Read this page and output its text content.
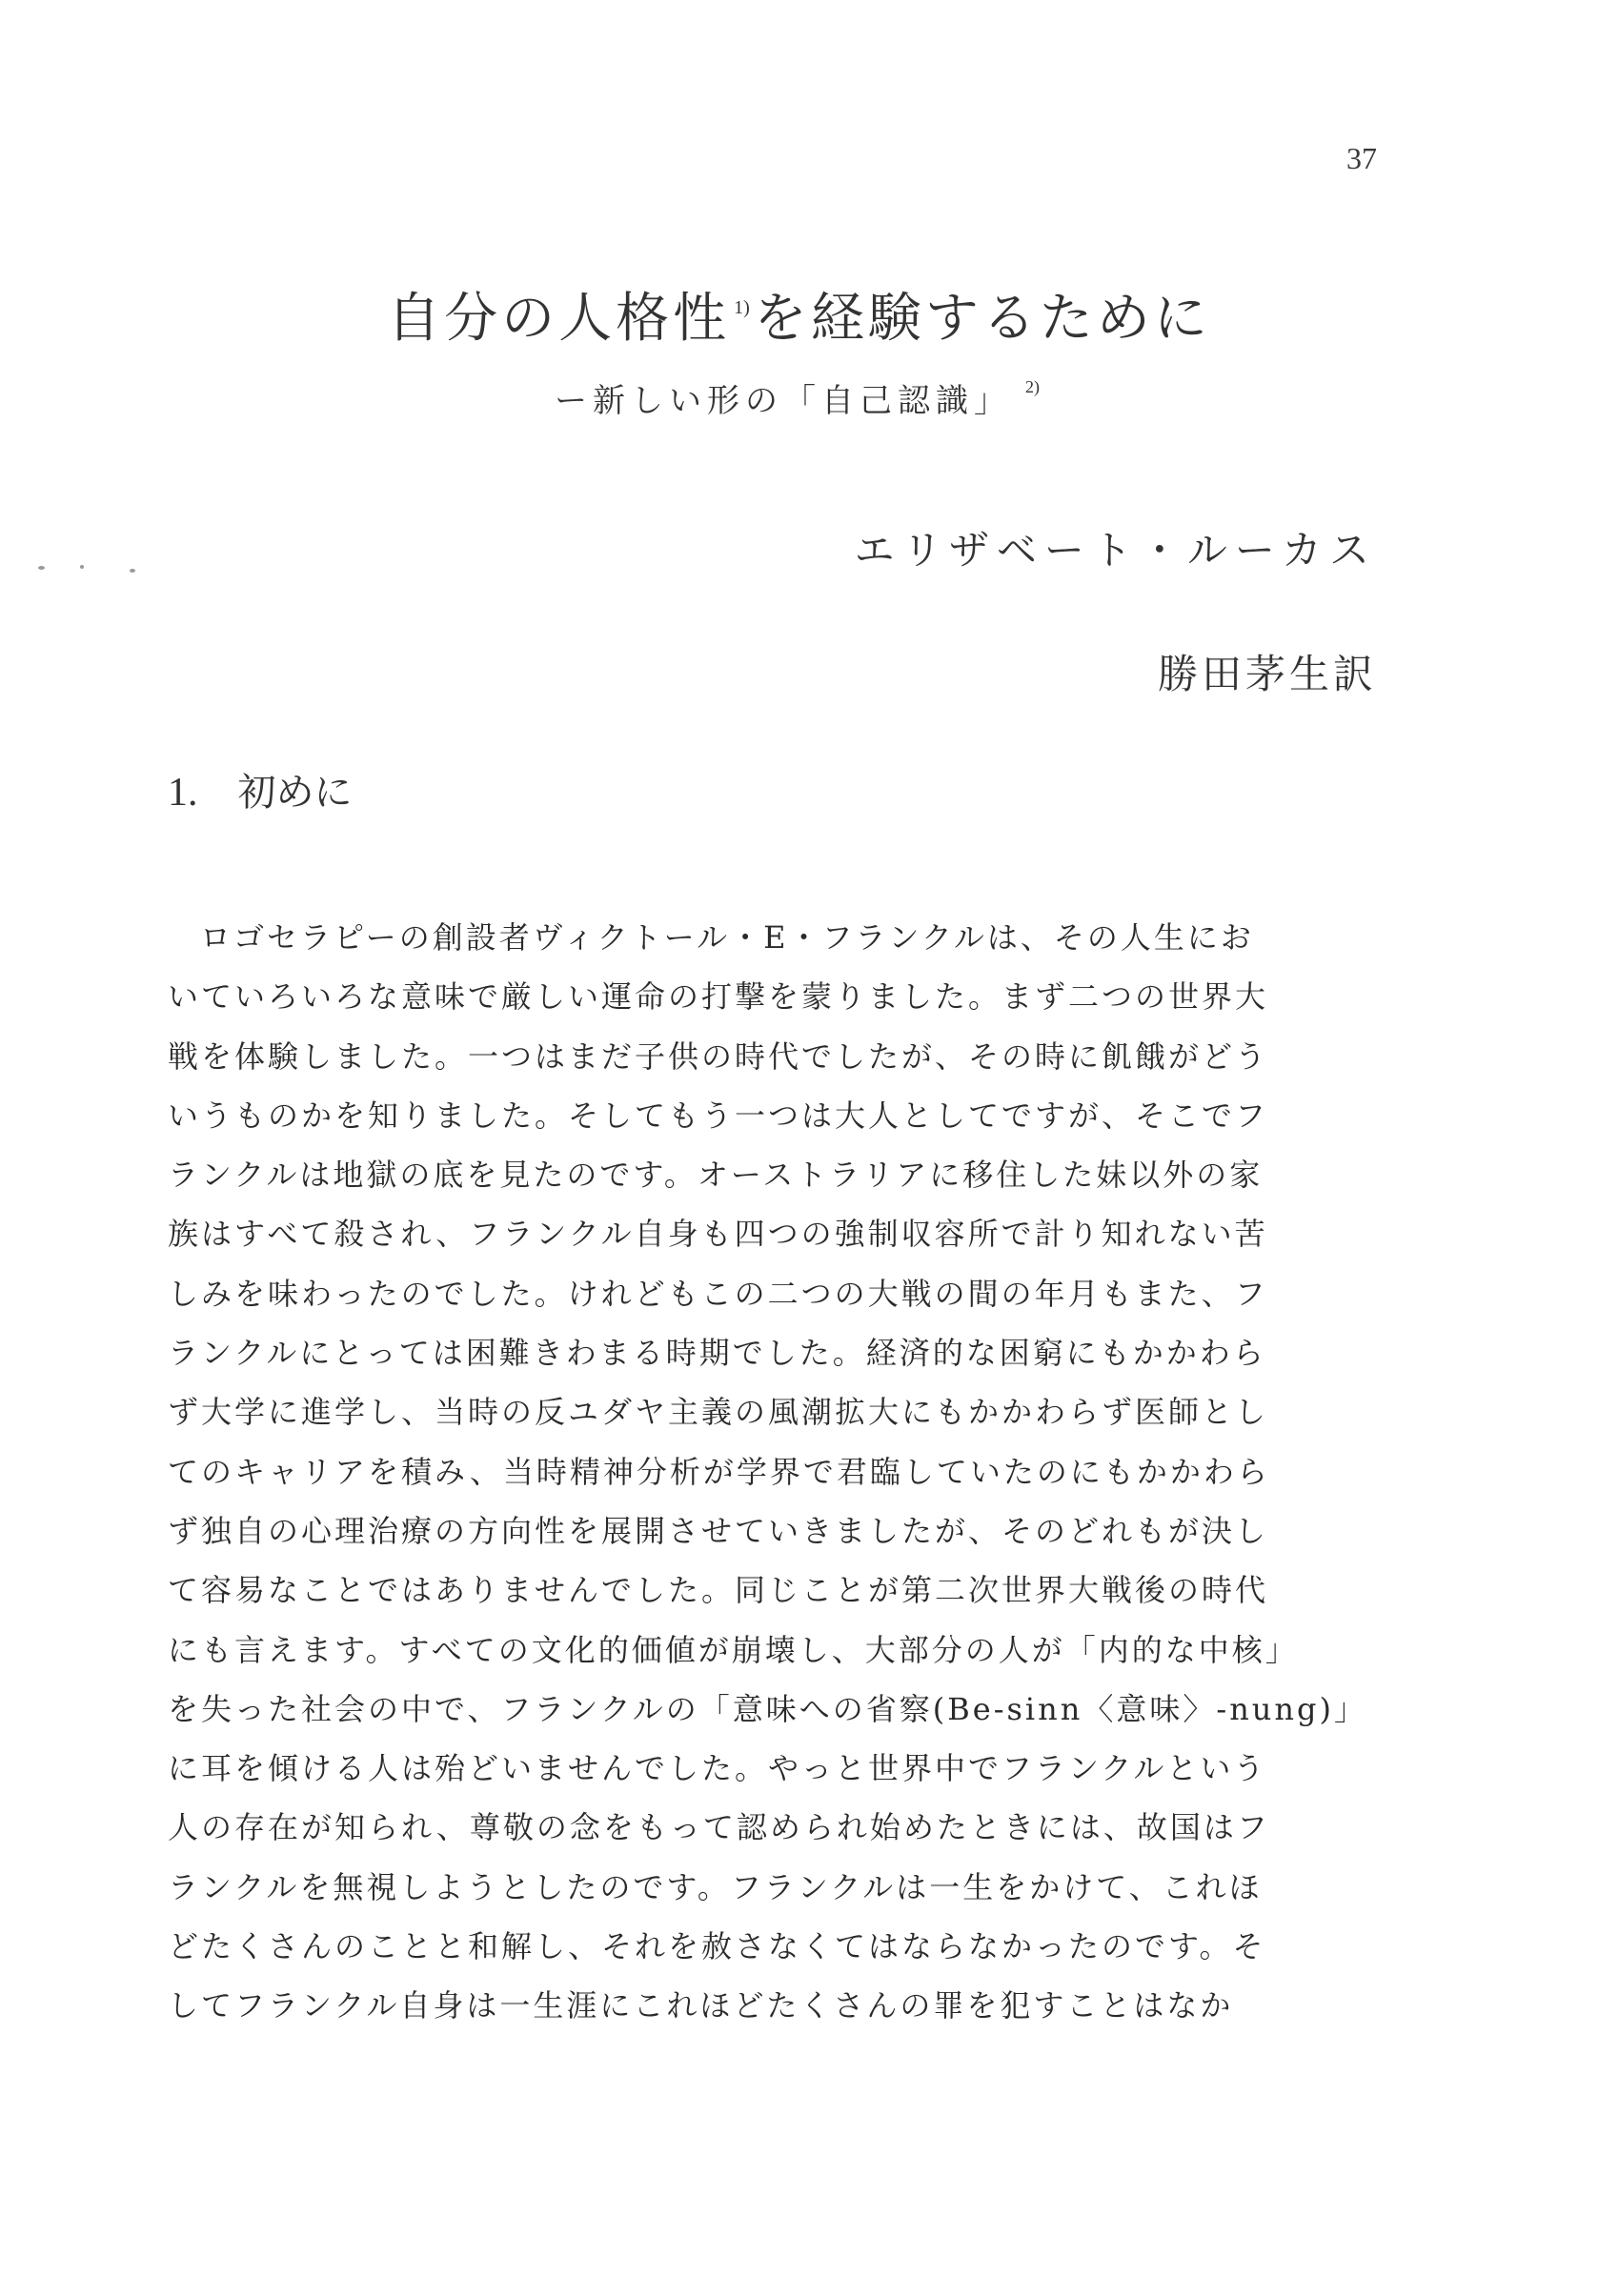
37
自分の人格性 $^{1)}$を経験するために
ー新しい形の「自己認識」 $^{2)}$
エリザベート・ルーカス
勝田茅生訳
1. 初めに
ロゴセラピーの創設者ヴィクトール・E・フランクルは、その人生にお
いていろいろな意味で厳しい運命の打撃を蒙りました。まず二つの世界大
戦を体験しました。一つはまだ子供の時代でしたが、その時に飢餓がどう
いうものかを知りました。そしてもう一つは大人としてですが、そこでフ
ランクルは地獄の底を見たのです。オーストラリアに移住した妹以外の家
族はすべて殺され、フランクル自身も四つの強制収容所で計り知れない苦
しみを味わったのでした。けれどもこの二つの大戦の間の年月もまた、フ
ランクルにとっては困難きわまる時期でした。経済的な困窮にもかかわら
ず大学に進学し、当時の反ユダヤ主義の風潮拡大にもかかわらず医師とし
てのキャリアを積み、当時精神分析が学界で君臨していたのにもかかわら
ず独自の心理治療の方向性を展開させていきましたが、そのどれもが決し
て容易なことではありませんでした。同じことが第二次世界大戦後の時代
にも言えます。すべての文化的価値が崩壊し、大部分の人が「内的な中核」
を失った社会の中で、フランクルの「意味への省察(Be-sinn〈意味〉-nung)」
に耳を傾ける人は殆どいませんでした。やっと世界中でフランクルという
人の存在が知られ、尊敬の念をもって認められ始めたときには、故国はフ
ランクルを無視しようとしたのです。フランクルは一生をかけて、これほ
どたくさんのことと和解し、それを赦さなくてはならなかったのです。そ
してフランクル自身は一生涯にこれほどたくさんの罪を犯すことはなか
